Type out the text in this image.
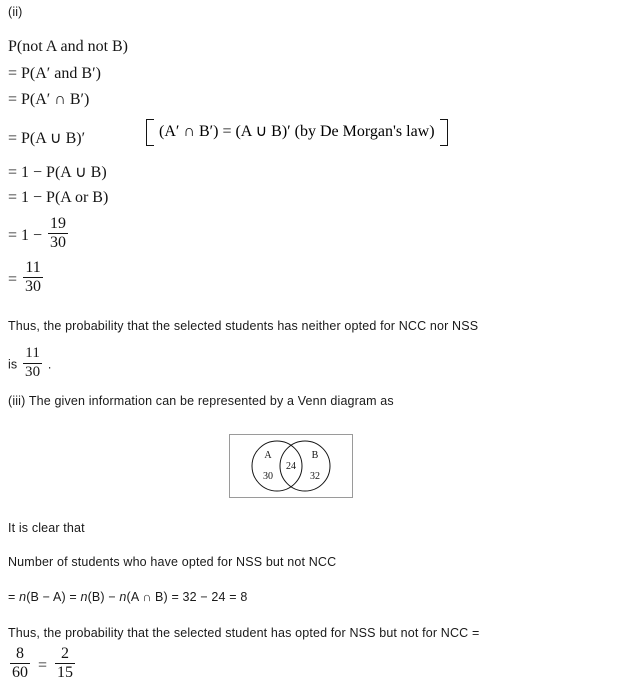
(ii)
P(not A and not B)
= P(A′ and B′)
= P(A′ ∩ B′)
= P(A ∪ B)′
= 1 − P(A ∪ B)
= 1 − P(A or B)
(A′ ∩ B′) = (A ∪ B)′ (by De Morgan's law)
= $1 - \frac{19}{30}$
= $\frac{11}{30}$
Thus, the probability that the selected students has neither opted for NCC nor NSS
is $\frac{11}{30}$ .
(iii) The given information can be represented by a Venn diagram as
A	B
30
24
32
It is clear that
Number of students who have opted for NSS but not NCC
= n(B − A) = n(B) − n(A ∩ B) = 32 − 24 = 8
Thus, the probability that the selected student has opted for NSS but not for NCC =
$\frac{8}{60} = \frac{2}{15}$
